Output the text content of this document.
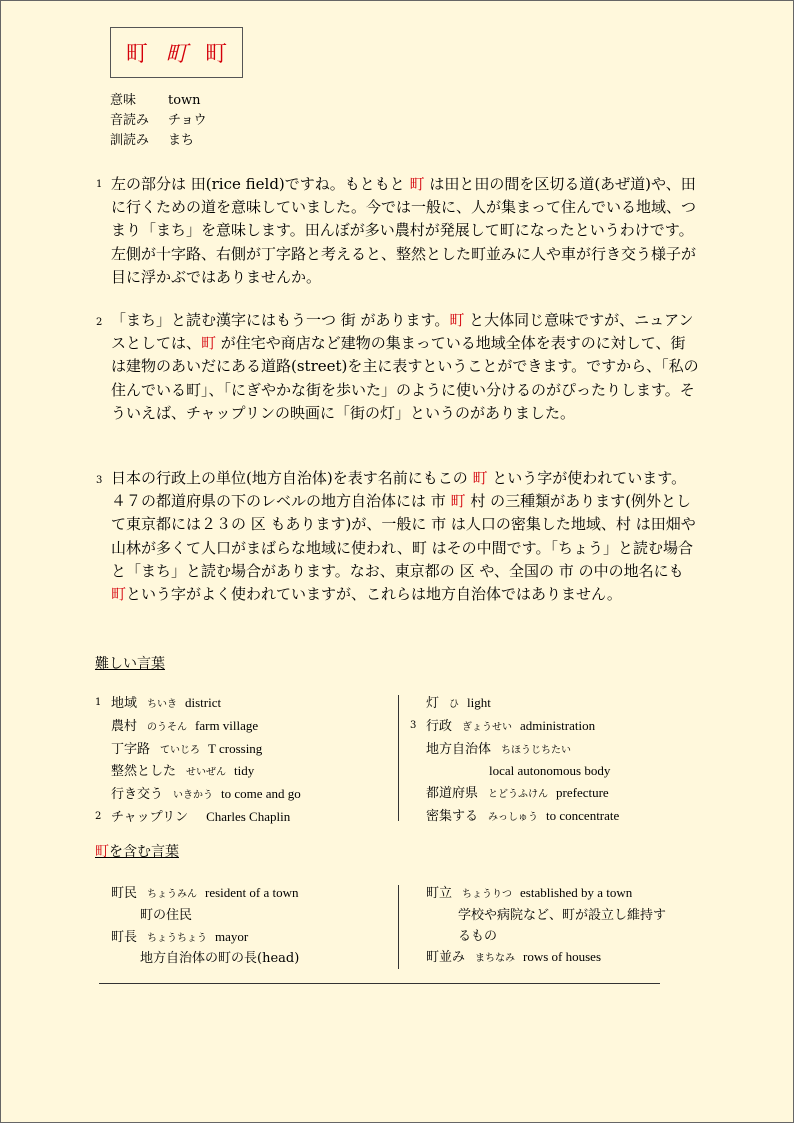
町 町 町
意味	town
音読み	チョウ
訓読み	まち
1 左の部分は 田(rice field)ですね。もともと 町 は田と田の間を区切る道(あぜ道)や、田に行くための道を意味していました。今では一般に、人が集まって住んでいる地域、つまり「まち」を意味します。田んぼが多い農村が発展して町になったというわけです。左側が十字路、右側が丁字路と考えると、整然とした町並みに人や車が行き交う様子が目に浮かぶではありませんか。
2 「まち」と読む漢字にはもう一つ 街 があります。町 と大体同じ意味ですが、ニュアンスとしては、町 が住宅や商店など建物の集まっている地域全体を表すのに対して、街 は建物のあいだにある道路(street)を主に表すということができます。ですから、「私の住んでいる町」、「にぎやかな街を歩いた」のように使い分けるのがぴったりします。そういえば、チャップリンの映画に「街の灯」というのがありました。
3 日本の行政上の単位(地方自治体)を表す名前にもこの 町 という字が使われています。４７の都道府県の下のレベルの地方自治体には 市 町 村 の三種類があります(例外として東京都には２３の 区 もあります)が、一般に 市 は人口の密集した地域、村 は田畑や山林が多くて人口がまばらな地域に使われ、町 はその中間です。「ちょう」と読む場合と「まち」と読む場合があります。なお、東京都の 区 や、全国の 市 の中の地名にも 町という字がよく使われていますが、これらは地方自治体ではありません。
難しい言葉
1 地域 ちいき district
農村 のうそん farm village
丁字路 ていじろ T crossing
整然とした せいぜん tidy
行き交う いきかう to come and go
2 チャップリン Charles Chaplin
灯 ひ light
3 行政 ぎょうせい administration
地方自治体 ちほうじちたい
local autonomous body
都道府県 とどうふけん prefecture
密集する みっしゅう to concentrate
町を含む言葉
町民 ちょうみん resident of a town
町の住民
町長 ちょうちょう mayor
地方自治体の町の長(head)
町立 ちょうりつ established by a town
学校や病院など、町が設立し維持す
るもの
町並み まちなみ rows of houses
